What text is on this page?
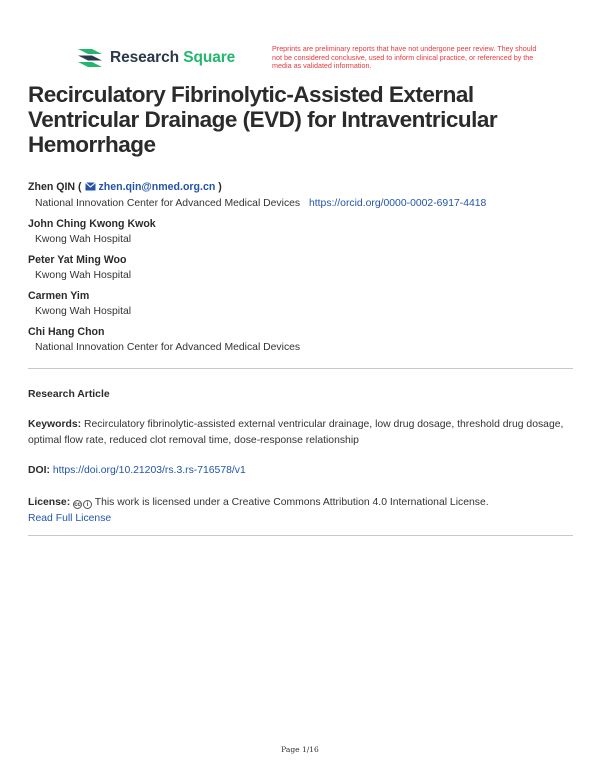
Research Square
Preprints are preliminary reports that have not undergone peer review. They should not be considered conclusive, used to inform clinical practice, or referenced by the media as validated information.
Recirculatory Fibrinolytic-Assisted External Ventricular Drainage (EVD) for Intraventricular Hemorrhage
Zhen QIN (  zhen.qin@nmed.org.cn )
National Innovation Center for Advanced Medical Devices https://orcid.org/0000-0002-6917-4418
John Ching Kwong Kwok
Kwong Wah Hospital
Peter Yat Ming Woo
Kwong Wah Hospital
Carmen Yim
Kwong Wah Hospital
Chi Hang Chon
National Innovation Center for Advanced Medical Devices
Research Article
Keywords: Recirculatory fibrinolytic-assisted external ventricular drainage, low drug dosage, threshold drug dosage, optimal flow rate, reduced clot removal time, dose-response relationship
DOI: https://doi.org/10.21203/rs.3.rs-716578/v1
License: cc i This work is licensed under a Creative Commons Attribution 4.0 International License.
Read Full License
Page 1/16
